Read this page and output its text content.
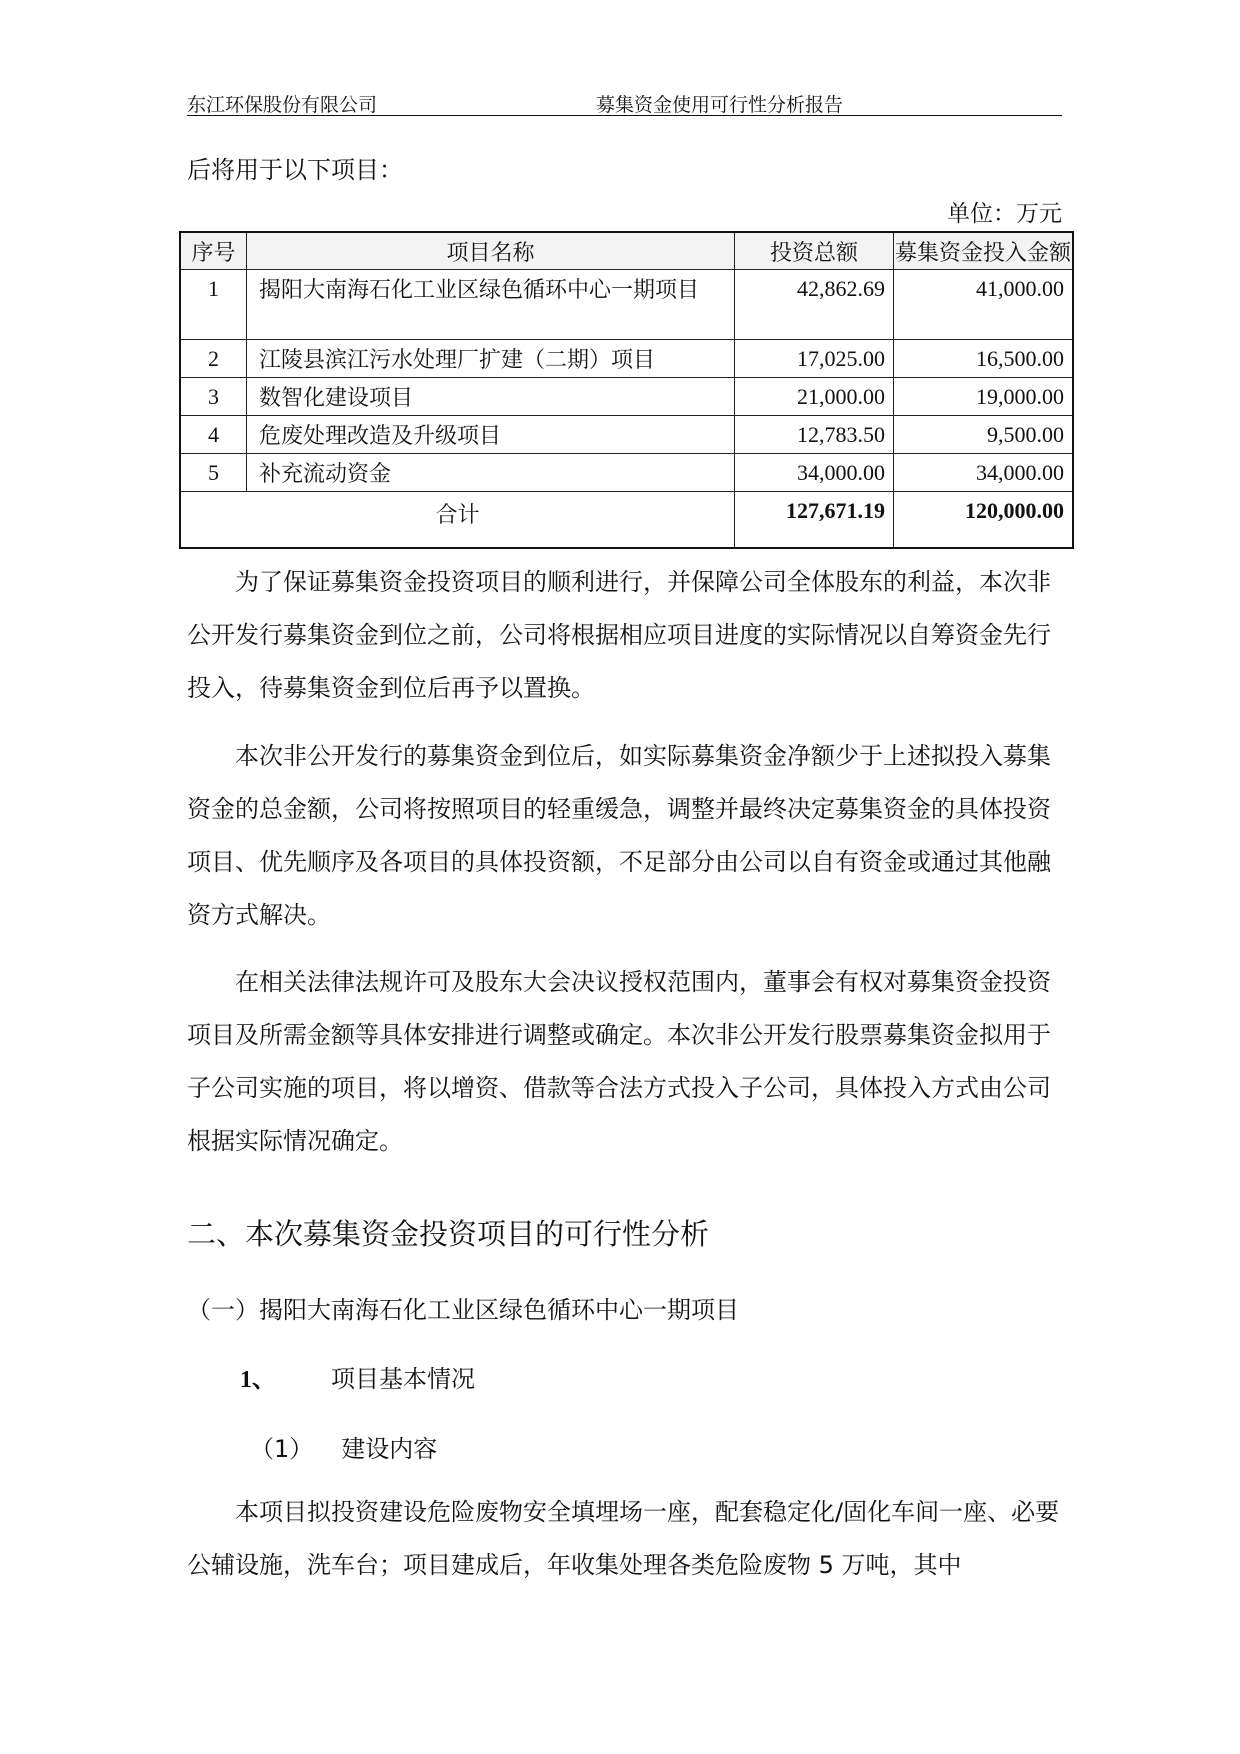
东江环保股份有限公司	募集资金使用可行性分析报告
后将用于以下项目：
单位：万元
序号	项目名称	投资总额	募集资金投入金额
1	揭阳大南海石化工业区绿色循环中心一期项目	42,862.69	41,000.00
2	江陵县滨江污水处理厂扩建（二期）项目	17,025.00	16,500.00
3	数智化建设项目	21,000.00	19,000.00
4	危废处理改造及升级项目	12,783.50	9,500.00
5	补充流动资金	34,000.00	34,000.00
合计		127,671.19	120,000.00
为了保证募集资金投资项目的顺利进行，并保障公司全体股东的利益，本次非公开发行募集资金到位之前，公司将根据相应项目进度的实际情况以自筹资金先行投入，待募集资金到位后再予以置换。
本次非公开发行的募集资金到位后，如实际募集资金净额少于上述拟投入募集资金的总金额，公司将按照项目的轻重缓急，调整并最终决定募集资金的具体投资项目、优先顺序及各项目的具体投资额，不足部分由公司以自有资金或通过其他融资方式解决。
在相关法律法规许可及股东大会决议授权范围内，董事会有权对募集资金投资项目及所需金额等具体安排进行调整或确定。本次非公开发行股票募集资金拟用于子公司实施的项目，将以增资、借款等合法方式投入子公司，具体投入方式由公司根据实际情况确定。
二、本次募集资金投资项目的可行性分析
（一）揭阳大南海石化工业区绿色循环中心一期项目
1、 项目基本情况
（1） 建设内容
本项目拟投资建设危险废物安全填埋场一座，配套稳定化/固化车间一座、必要公辅设施，洗车台；项目建成后，年收集处理各类危险废物 5 万吨，其中
